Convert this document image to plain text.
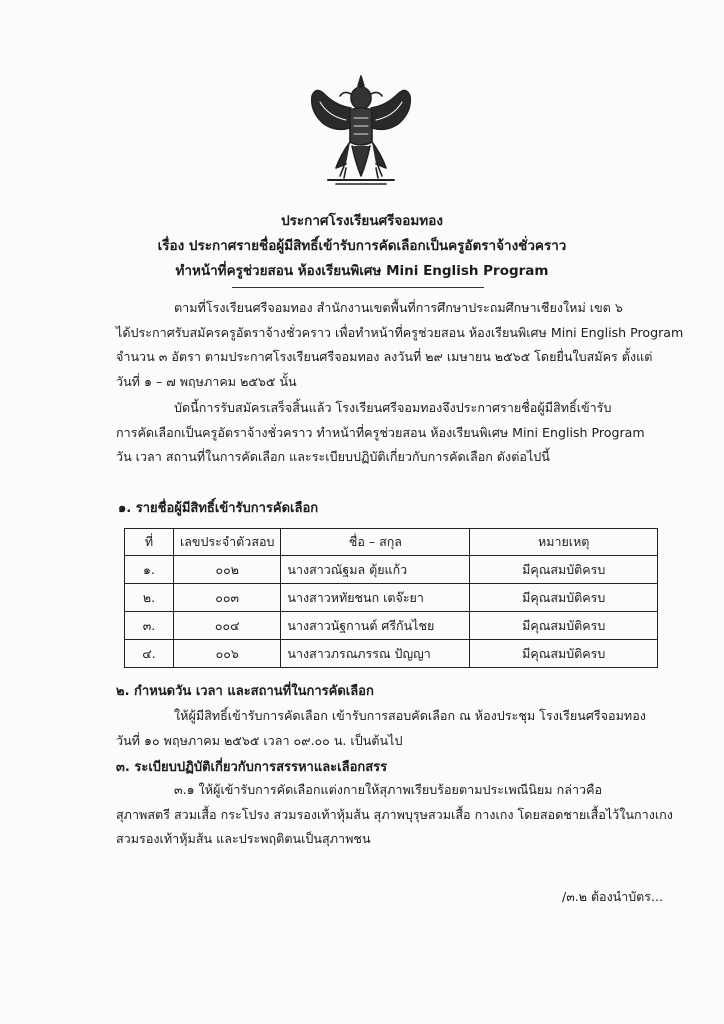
ประกาศโรงเรียนศรีจอมทอง
เรื่อง ประกาศรายชื่อผู้มีสิทธิ์เข้ารับการคัดเลือกเป็นครูอัตราจ้างชั่วคราว
ทำหน้าที่ครูช่วยสอน ห้องเรียนพิเศษ Mini English Program

ตามที่โรงเรียนศรีจอมทอง สำนักงานเขตพื้นที่การศึกษาประถมศึกษาเชียงใหม่ เขต ๖

ได้ประกาศรับสมัครครูอัตราจ้างชั่วคราว เพื่อทำหน้าที่ครูช่วยสอน ห้องเรียนพิเศษ Mini English Program

จำนวน ๓ อัตรา ตามประกาศโรงเรียนศรีจอมทอง ลงวันที่ ๒๙ เมษายน ๒๕๖๕ โดยยื่นใบสมัคร ตั้งแต่

วันที่ ๑ – ๗ พฤษภาคม ๒๕๖๕ นั้น

บัดนี้การรับสมัครเสร็จสิ้นแล้ว โรงเรียนศรีจอมทองจึงประกาศรายชื่อผู้มีสิทธิ์เข้ารับ

การคัดเลือกเป็นครูอัตราจ้างชั่วคราว ทำหน้าที่ครูช่วยสอน ห้องเรียนพิเศษ Mini English Program

วัน เวลา สถานที่ในการคัดเลือก และระเบียบปฏิบัติเกี่ยวกับการคัดเลือก ดังต่อไปนี้

๑. รายชื่อผู้มีสิทธิ์เข้ารับการคัดเลือก
ที่	เลขประจำตัวสอบ	ชื่อ – สกุล	หมายเหตุ
๑.	๐๐๒	นางสาวณัฐมล ตุ้ยแก้ว	มีคุณสมบัติครบ
๒.	๐๐๓	นางสาวหทัยชนก เตจ๊ะยา	มีคุณสมบัติครบ
๓.	๐๐๔	นางสาวนัฐกานต์ ศรีกันไชย	มีคุณสมบัติครบ
๔.	๐๐๖	นางสาวภรณภรรณ ปัญญา	มีคุณสมบัติครบ
๒. กำหนดวัน เวลา และสถานที่ในการคัดเลือก

ให้ผู้มีสิทธิ์เข้ารับการคัดเลือก เข้ารับการสอบคัดเลือก ณ ห้องประชุม โรงเรียนศรีจอมทอง

วันที่ ๑๐ พฤษภาคม ๒๕๖๕ เวลา ๐๙.๐๐ น. เป็นต้นไป

๓. ระเบียบปฏิบัติเกี่ยวกับการสรรหาและเลือกสรร

๓.๑ ให้ผู้เข้ารับการคัดเลือกแต่งกายให้สุภาพเรียบร้อยตามประเพณีนิยม กล่าวคือ

สุภาพสตรี สวมเสื้อ กระโปรง สวมรองเท้าหุ้มส้น สุภาพบุรุษสวมเสื้อ กางเกง โดยสอดชายเสื้อไว้ในกางเกง

สวมรองเท้าหุ้มส้น และประพฤติตนเป็นสุภาพชน

/๓.๒ ต้องนำบัตร...
